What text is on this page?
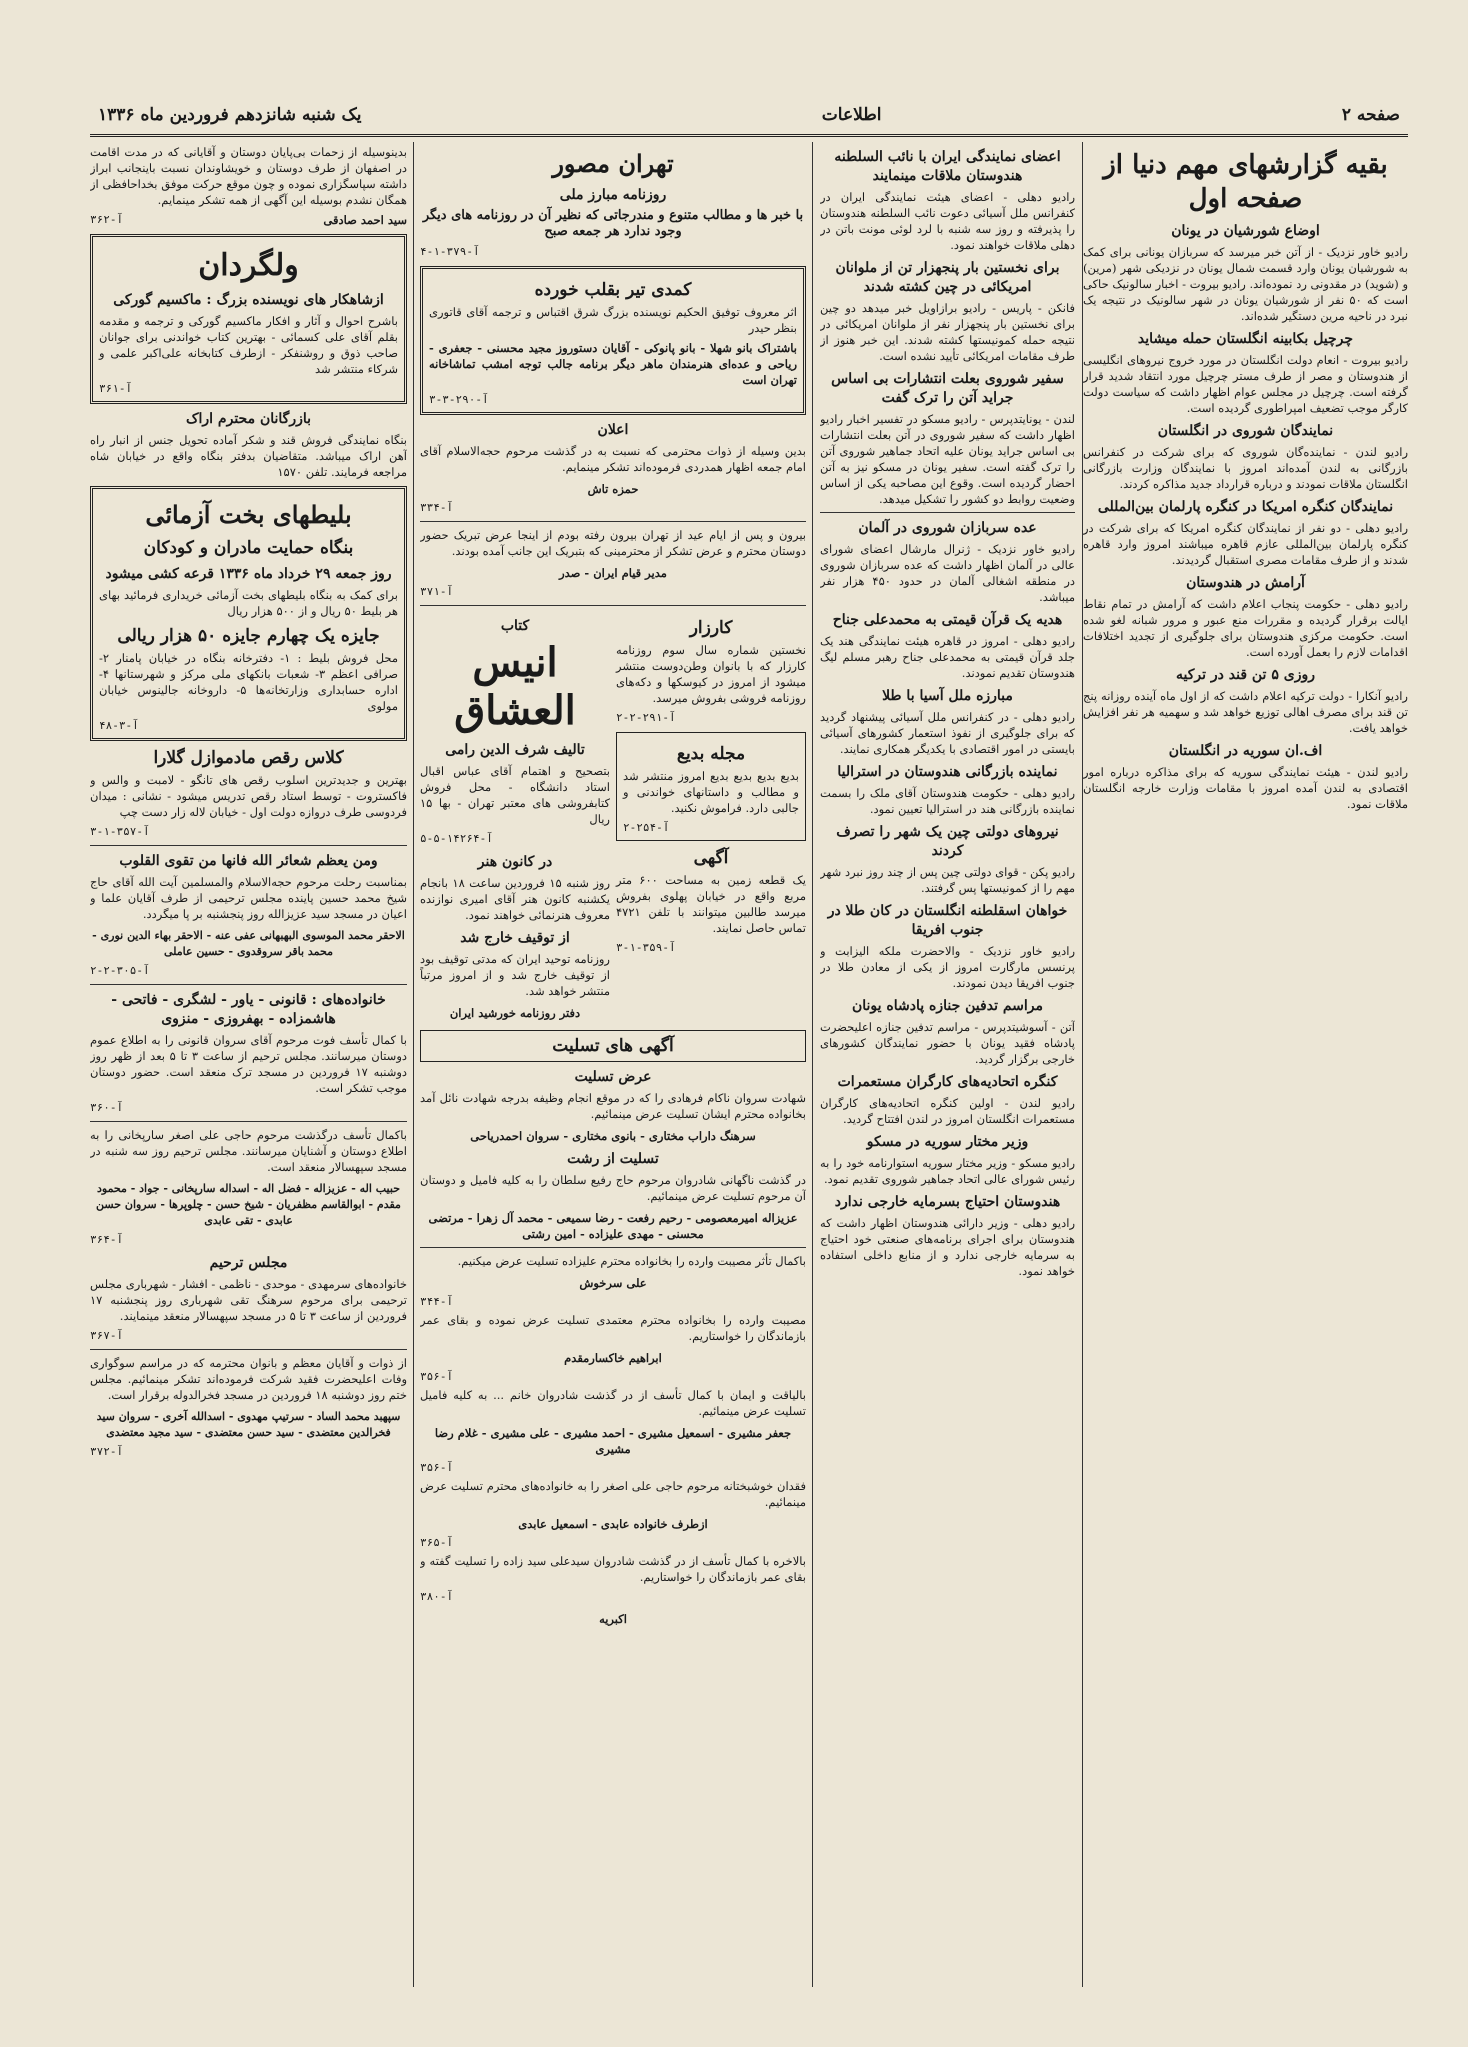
صفحه ۲
اطلاعات
یک شنبه شانزدهم فروردین ماه ۱۳۳۶
بقیه گزارشهای مهم دنیا از صفحه اول
اوضاع شورشیان در یونان
رادیو خاور نزدیک - از آتن خبر میرسد که سربازان یونانی برای کمک به شورشیان یونان وارد قسمت شمال یونان در نزدیکی شهر (مرین) و (شوید) در مقدونی رد نموده‌اند. رادیو بیروت - اخبار سالونیک حاکی است که ۵۰ نفر از شورشیان یونان در شهر سالونیک در نتیجه یک نبرد در ناحیه مرین دستگیر شده‌اند.
چرچیل بکابینه انگلستان حمله میشاید
رادیو بیروت - انعام دولت انگلستان در مورد خروج نیروهای انگلیسی از هندوستان و مصر از طرف مستر چرچیل مورد انتقاد شدید قرار گرفته است. چرچیل در مجلس عوام اظهار داشت که سیاست دولت کارگر موجب تضعیف امپراطوری گردیده است.
نمایندگان شوروی در انگلستان
رادیو لندن - نماینده‌گان شوروی که برای شرکت در کنفرانس بازرگانی به لندن آمده‌اند امروز با نمایندگان وزارت بازرگانی انگلستان ملاقات نمودند و درباره قرارداد جدید مذاکره کردند.
نمایندگان کنگره امریکا در کنگره پارلمان بین‌المللی
رادیو دهلی - دو نفر از نمایندگان کنگره امریکا که برای شرکت در کنگره پارلمان بین‌المللی عازم قاهره میباشند امروز وارد قاهره شدند و از طرف مقامات مصری استقبال گردیدند.
آرامش در هندوستان
رادیو دهلی - حکومت پنجاب اعلام داشت که آرامش در تمام نقاط ایالت برقرار گردیده و مقررات منع عبور و مرور شبانه لغو شده است. حکومت مرکزی هندوستان برای جلوگیری از تجدید اختلافات اقدامات لازم را بعمل آورده است.
روزی ۵ تن قند در ترکیه
رادیو آنکارا - دولت ترکیه اعلام داشت که از اول ماه آینده روزانه پنج تن قند برای مصرف اهالی توزیع خواهد شد و سهمیه هر نفر افزایش خواهد یافت.
اف.ان سوریه در انگلستان
رادیو لندن - هیئت نمایندگی سوریه که برای مذاکره درباره امور اقتصادی به لندن آمده امروز با مقامات وزارت خارجه انگلستان ملاقات نمود.
اعضای نمایندگی ایران با نائب السلطنه هندوستان ملاقات مینمایند
رادیو دهلی - اعضای هیئت نمایندگی ایران در کنفرانس ملل آسیائی دعوت نائب السلطنه هندوستان را پذیرفته و روز سه شنبه با لرد لوئی مونت باتن در دهلی ملاقات خواهند نمود.
برای نخستین بار پنجهزار تن از ملوانان امریکائی در چین کشته شدند
فانکن - پاریس - رادیو برازاویل خبر میدهد دو چین برای نخستین بار پنجهزار نفر از ملوانان امریکائی در نتیجه حمله کمونیستها کشته شدند. این خبر هنوز از طرف مقامات امریکائی تأیید نشده است.
سفیر شوروی بعلت انتشارات بی اساس جراید آتن را ترک گفت
لندن - یونایتدپرس - رادیو مسکو در تفسیر اخبار رادیو اظهار داشت که سفیر شوروی در آتن بعلت انتشارات بی اساس جراید یونان علیه اتحاد جماهیر شوروی آتن را ترک گفته است. سفیر یونان در مسکو نیز به آتن احضار گردیده است. وقوع این مصاحبه یکی از اساس وضعیت روابط دو کشور را تشکیل میدهد.
عده سربازان شوروی در آلمان
رادیو خاور نزدیک - ژنرال مارشال اعضای شورای عالی در آلمان اظهار داشت که عده سربازان شوروی در منطقه اشغالی آلمان در حدود ۴۵۰ هزار نفر میباشد.
هدیه یک قرآن قیمتی به محمدعلی جناح
رادیو دهلی - امروز در قاهره هیئت نمایندگی هند یک جلد قرآن قیمتی به محمدعلی جناح رهبر مسلم لیگ هندوستان تقدیم نمودند.
مبارزه ملل آسیا با طلا
رادیو دهلی - در کنفرانس ملل آسیائی پیشنهاد گردید که برای جلوگیری از نفوذ استعمار کشورهای آسیائی بایستی در امور اقتصادی با یکدیگر همکاری نمایند.
نماینده بازرگانی هندوستان در استرالیا
رادیو دهلی - حکومت هندوستان آقای ملک را بسمت نماینده بازرگانی هند در استرالیا تعیین نمود.
نیروهای دولتی چین یک شهر را تصرف کردند
رادیو پکن - قوای دولتی چین پس از چند روز نبرد شهر مهم را از کمونیستها پس گرفتند.
خواهان اسقلطنه انگلستان در کان طلا در جنوب افریقا
رادیو خاور نزدیک - والاحضرت ملکه الیزابت و پرنسس مارگارت امروز از یکی از معادن طلا در جنوب افریقا دیدن نمودند.
مراسم تدفین جنازه پادشاه یونان
آتن - آسوشیتدپرس - مراسم تدفین جنازه اعلیحضرت پادشاه فقید یونان با حضور نمایندگان کشورهای خارجی برگزار گردید.
کنگره اتحادیه‌های کارگران مستعمرات
رادیو لندن - اولین کنگره اتحادیه‌های کارگران مستعمرات انگلستان امروز در لندن افتتاح گردید.
وزیر مختار سوریه در مسکو
رادیو مسکو - وزیر مختار سوریه استوارنامه خود را به رئیس شورای عالی اتحاد جماهیر شوروی تقدیم نمود.
هندوستان احتیاج بسرمایه خارجی ندارد
رادیو دهلی - وزیر دارائی هندوستان اظهار داشت که هندوستان برای اجرای برنامه‌های صنعتی خود احتیاج به سرمایه خارجی ندارد و از منابع داخلی استفاده خواهد نمود.
تهران مصور
روزنامه مبارز ملی
با خبر ها و مطالب متنوع و مندرجاتی که نظیر آن در روزنامه های دیگر وجود ندارد هر جمعه صبح
آ-۳۷۹-۱-۴
کمدی تیر بقلب خورده
اثر معروف توفیق الحکیم نویسنده بزرگ شرق اقتباس و ترجمه آقای قاتوری بنظر حیدر
باشتراک بانو شهلا - بانو پانوکی - آقایان دستوروز مجید محسنی - جعفری - ریاحی و عده‌ای هنرمندان ماهر دیگر برنامه جالب توجه امشب تماشاخانه تهران است
آ-۲۹۰-۳-۳
اعلان
بدین وسیله از ذوات محترمی که نسبت به در گذشت مرحوم حجه‌الاسلام آقای امام جمعه اظهار همدردی فرموده‌اند تشکر مینمایم.
حمزه تاش
آ-۳۳۴
بیرون و پس از ایام عید از تهران بیرون رفته بودم از اینجا عرض تبریک حضور دوستان محترم و عرض تشکر از محترمینی که بتبریک این جانب آمده بودند.
مدیر قیام ایران - صدر
آ-۳۷۱
کارزار
نخستین شماره سال سوم روزنامه کارزار که با بانوان وطن‌دوست منتشر میشود از امروز در کیوسکها و دکه‌های روزنامه فروشی بفروش میرسد.
آ-۲۹۱-۲-۲
مجله بدیع
بدیع بدیع بدیع بدیع امروز منتشر شد و مطالب و داستانهای خواندنی و جالبی دارد. فراموش نکنید.
آ-۲۵۴-۲
آگهی
یک قطعه زمین به مساحت ۶۰۰ متر مربع واقع در خیابان پهلوی بفروش میرسد طالبین میتوانند با تلفن ۴۷۲۱ تماس حاصل نمایند.
آ-۳۵۹-۱-۳
کتاب
انیس العشاق
تالیف شرف الدین رامی
بتصحیح و اهتمام آقای عباس اقبال استاد دانشگاه - محل فروش کتابفروشی های معتبر تهران - بها ۱۵ ریال
آ-۱۴۲۶۴-۵-۵
در کانون هنر
روز شنبه ۱۵ فروردین ساعت ۱۸ بانجام یکشنبه کانون هنر آقای امیری نوازنده معروف هنرنمائی خواهند نمود.
از توقیف خارج شد
روزنامه توحید ایران که مدتی توقیف بود از توقیف خارج شد و از امروز مرتباً منتشر خواهد شد.
دفتر روزنامه خورشید ایران
آگهی های تسلیت
عرض تسلیت
شهادت سروان ناکام فرهادی را که در موقع انجام وظیفه بدرجه شهادت نائل آمد بخانواده محترم ایشان تسلیت عرض مینمائیم.
سرهنگ داراب مختاری - بانوی مختاری - سروان احمدریاحی
تسلیت از رشت
در گذشت ناگهانی شادروان مرحوم حاج رفیع سلطان را به کلیه فامیل و دوستان آن مرحوم تسلیت عرض مینمائیم.
عزیزاله امیرمعصومی - رحیم رفعت - رضا سمیعی - محمد آل زهرا - مرتضی محسنی - مهدی علیزاده - امین رشتی
باکمال تأثر مصیبت وارده را بخانواده محترم علیزاده تسلیت عرض میکنیم.
علی سرخوش
آ-۳۴۴
مصیبت وارده را بخانواده محترم معتمدی تسلیت عرض نموده و بقای عمر بازماندگان را خواستاریم.
ابراهیم خاکسارمقدم
آ-۳۵۶
بالیاقت و ایمان با کمال تأسف از در گذشت شادروان خانم ... به کلیه فامیل تسلیت عرض مینمائیم.
جعفر مشیری - اسمعیل مشیری - احمد مشیری - علی مشیری - غلام رضا مشیری
آ-۳۵۶
فقدان خوشبختانه مرحوم حاجی علی اصغر را به خانواده‌های محترم تسلیت عرض مینمائیم.
ازطرف خانواده عابدی - اسمعیل عابدی
آ-۳۶۵
بالاخره با کمال تأسف از در گذشت شادروان سیدعلی سید زاده را تسلیت گفته و بقای عمر بازماندگان را خواستاریم.
آ-۳۸۰
اکبریه
بدینوسیله از زحمات بی‌پایان دوستان و آقایانی که در مدت اقامت در اصفهان از طرف دوستان و خویشاوندان نسبت باینجانب ابراز داشته سپاسگزاری نموده و چون موقع حرکت موفق بخداحافظی از همگان نشدم بوسیله این آگهی از همه تشکر مینمایم.
سید احمد صادقی
آ-۳۶۲
ولگردان
ازشاهکار های نویسنده بزرگ : ماکسیم گورکی
باشرح احوال و آثار و افکار ماکسیم گورکی و ترجمه و مقدمه بقلم آقای علی کسمائی - بهترین کتاب خواندنی برای جوانان صاحب ذوق و روشنفکر - ازطرف کتابخانه علی‌اکبر علمی و شرکاء منتشر شد
آ-۳۶۱
بازرگانان محترم اراک
بنگاه نمایندگی فروش قند و شکر آماده تحویل جنس از انبار راه آهن اراک میباشد. متقاضیان بدفتر بنگاه واقع در خیابان شاه مراجعه فرمایند. تلفن ۱۵۷۰
بلیطهای بخت آزمائی
بنگاه حمایت مادران و کودکان
روز جمعه ۲۹ خرداد ماه ۱۳۳۶ قرعه کشی میشود
برای کمک به بنگاه بلیطهای بخت آزمائی خریداری فرمائید بهای هر بلیط ۵۰ ریال و از ۵۰۰ هزار ریال
جایزه یک چهارم جایزه ۵۰ هزار ریالی
محل فروش بلیط : ۱- دفترخانه بنگاه در خیابان پامنار ۲- صرافی اعظم ۳- شعبات بانکهای ملی مرکز و شهرستانها ۴- اداره حسابداری وزارتخانه‌ها ۵- داروخانه جالینوس خیابان مولوی
آ-۳-۴۸
کلاس رقص مادموازل گلارا
بهترین و جدیدترین اسلوب رقص های تانگو - لامبت و والس و فاکستروت - توسط استاد رقص تدریس میشود - نشانی : میدان فردوسی طرف دروازه دولت اول - خیابان لاله زار دست چپ
آ-۳۵۷-۱-۳
ومن یعظم شعائر الله فانها من تقوی القلوب
بمناسبت رحلت مرحوم حجه‌الاسلام والمسلمین آیت الله آقای حاج شیخ محمد حسین پاینده مجلس ترحیمی از طرف آقایان علما و اعیان در مسجد سید عزیزالله روز پنجشنبه بر پا میگردد.
الاحقر محمد الموسوی البهبهانی عفی عنه - الاحقر بهاء الدین نوری - محمد باقر سروقدوی - حسین عاملی
آ-۳۰۵-۲-۲
خانواده‌های : قانونی - یاور - لشگری - فاتحی - هاشمزاده - بهفروزی - منزوی
با کمال تأسف فوت مرحوم آقای سروان قانونی را به اطلاع عموم دوستان میرسانند. مجلس ترحیم از ساعت ۳ تا ۵ بعد از ظهر روز دوشنبه ۱۷ فروردین در مسجد ترک منعقد است. حضور دوستان موجب تشکر است.
آ-۳۶۰
باکمال تأسف درگذشت مرحوم حاجی علی اصغر سارپخانی را به اطلاع دوستان و آشنایان میرسانند. مجلس ترحیم روز سه شنبه در مسجد سپهسالار منعقد است.
حبیب اله - عزیزاله - فضل اله - اسداله سارپخانی - جواد - محمود مقدم - ابوالقاسم مظفریان - شیخ حسن - چلوپرها - سروان حسن عابدی - تقی عابدی
آ-۳۶۴
مجلس ترحیم
خانواده‌های سرمهدی - موحدی - ناظمی - افشار - شهرباری مجلس ترحیمی برای مرحوم سرهنگ تقی شهرباری روز پنجشنبه ۱۷ فروردین از ساعت ۳ تا ۵ در مسجد سپهسالار منعقد مینمایند.
آ-۳۶۷
از ذوات و آقایان معظم و بانوان محترمه که در مراسم سوگواری وفات اعلیحضرت فقید شرکت فرموده‌اند تشکر مینمائیم. مجلس ختم روز دوشنبه ۱۸ فروردین در مسجد فخرالدوله برقرار است.
سپهبد محمد الساد - سرتیپ مهدوی - اسدالله آخری - سروان سید فخرالدین معتضدی - سید حسن معتضدی - سید مجید معتضدی
آ-۳۷۲
